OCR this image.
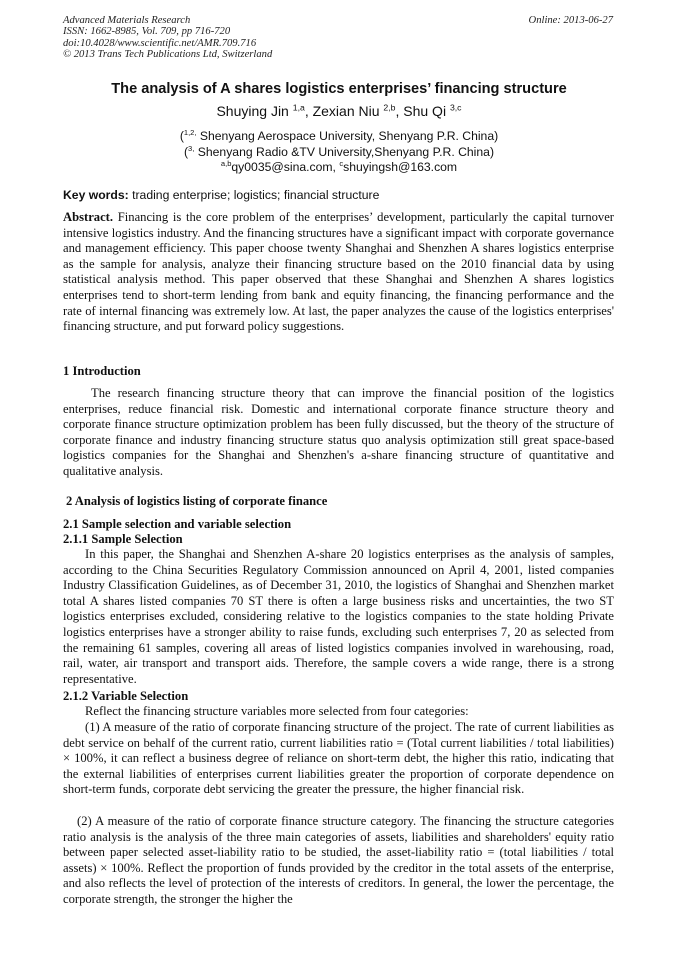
Advanced Materials Research
ISSN: 1662-8985, Vol. 709, pp 716-720
doi:10.4028/www.scientific.net/AMR.709.716
© 2013 Trans Tech Publications Ltd, Switzerland
Online: 2013-06-27
The analysis of A shares logistics enterprises’ financing structure
Shuying Jin $^{1,a}$, Zexian Niu $^{2,b}$, Shu Qi $^{3,c}$
($^{1,2,}$ Shenyang Aerospace University, Shenyang P.R. China)
($^{3,}$ Shenyang Radio &TV University,Shenyang P.R. China)
$^{a,b}$qy0035@sina.com, $^c$shuyingsh@163.com
Key words: trading enterprise; logistics; financial structure
Abstract. Financing is the core problem of the enterprises’ development, particularly the capital turnover intensive logistics industry. And the financing structures have a significant impact with corporate governance and management efficiency. This paper choose twenty Shanghai and Shenzhen A shares logistics enterprise as the sample for analysis, analyze their financing structure based on the 2010 financial data by using statistical analysis method. This paper observed that these Shanghai and Shenzhen A shares logistics enterprises tend to short-term lending from bank and equity financing, the financing performance and the rate of internal financing was extremely low. At last, the paper analyzes the cause of the logistics enterprises' financing structure, and put forward policy suggestions.
1 Introduction
The research financing structure theory that can improve the financial position of the logistics enterprises, reduce financial risk. Domestic and international corporate finance structure theory and corporate finance structure optimization problem has been fully discussed, but the theory of the structure of corporate finance and industry financing structure status quo analysis optimization still great space-based logistics companies for the Shanghai and Shenzhen's a-share financing structure of quantitative and qualitative analysis.
2 Analysis of logistics listing of corporate finance
2.1 Sample selection and variable selection
2.1.1 Sample Selection
In this paper, the Shanghai and Shenzhen A-share 20 logistics enterprises as the analysis of samples, according to the China Securities Regulatory Commission announced on April 4, 2001, listed companies Industry Classification Guidelines, as of December 31, 2010, the logistics of Shanghai and Shenzhen market total A shares listed companies 70 ST there is often a large business risks and uncertainties, the two ST logistics enterprises excluded, considering relative to the logistics companies to the state holding Private logistics enterprises have a stronger ability to raise funds, excluding such enterprises 7, 20 as selected from the remaining 61 samples, covering all areas of listed logistics companies involved in warehousing, road, rail, water, air transport and transport aids. Therefore, the sample covers a wide range, there is a strong representative.
2.1.2 Variable Selection
Reflect the financing structure variables more selected from four categories:
(1) A measure of the ratio of corporate financing structure of the project. The rate of current liabilities as debt service on behalf of the current ratio, current liabilities ratio = (Total current liabilities / total liabilities) × 100%, it can reflect a business degree of reliance on short-term debt, the higher this ratio, indicating that the external liabilities of enterprises current liabilities greater the proportion of corporate dependence on short-term funds, corporate debt servicing the greater the pressure, the higher financial risk.
(2) A measure of the ratio of corporate finance structure category. The financing the structure categories ratio analysis is the analysis of the three main categories of assets, liabilities and shareholders' equity ratio between paper selected asset-liability ratio to be studied, the asset-liability ratio = (total liabilities / total assets) × 100%. Reflect the proportion of funds provided by the creditor in the total assets of the enterprise, and also reflects the level of protection of the interests of creditors. In general, the lower the percentage, the corporate strength, the stronger the higher the
